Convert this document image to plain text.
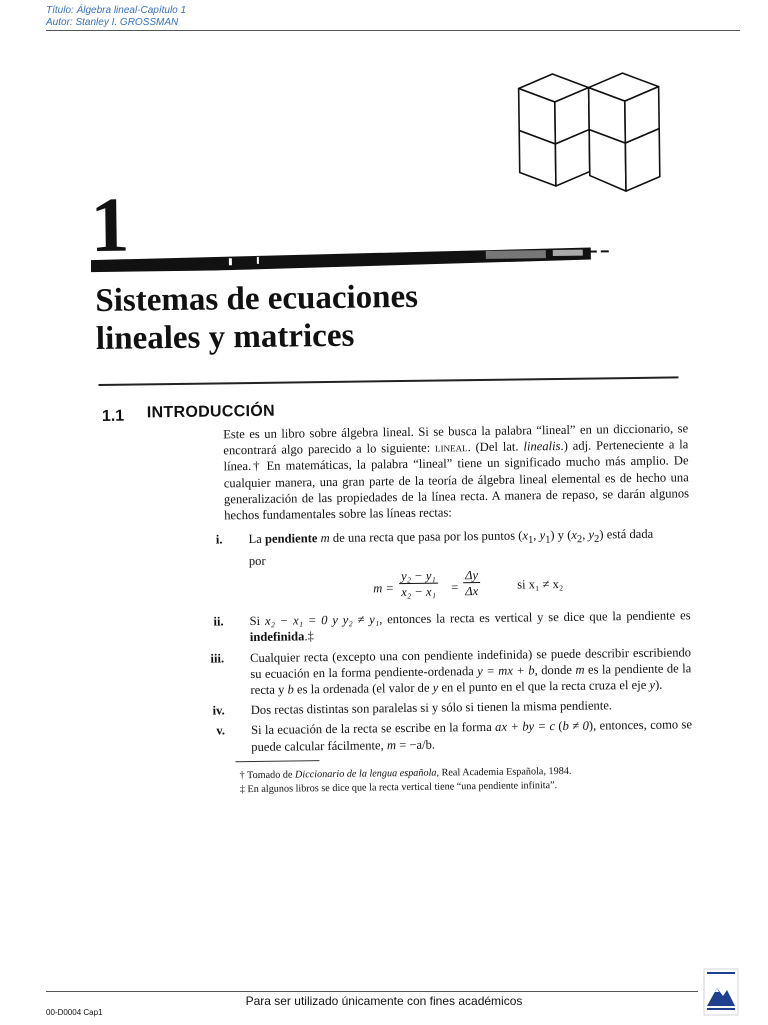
Título: Álgebra lineal-Capítulo 1
Autor: Stanley I. GROSSMAN
1
Sistemas de ecuaciones
lineales y matrices
1.1 INTRODUCCIÓN

Este es un libro sobre álgebra lineal. Si se busca la palabra “lineal” en un diccionario, se encontrará algo parecido a lo siguiente: lineal. (Del lat. linealis.) adj. Perteneciente a la línea.† En matemáticas, la palabra “lineal” tiene un significado mucho más amplio. De cualquier manera, una gran parte de la teoría de álgebra lineal elemental es de hecho una generalización de las propiedades de la línea recta. A manera de repaso, se darán algunos hechos fundamentales sobre las líneas rectas:

i.	La pendiente m de una recta que pasa por los puntos ($x_1$, $y_1$) y ($x_2$, $y_2$) está dada
por
$m = \frac{\text{y₂ − y₁}}{\text{x₂ − x₁}} = \frac{\Delta y}{\Delta x}$	si x₁ ≠ x₂
ii.	Si x₂ − x₁ = 0 y y₂ ≠ y₁, entonces la recta es vertical y se dice que la pendiente es indefinida.‡
iii.	Cualquier recta (excepto una con pendiente indefinida) se puede describir escribiendo su ecuación en la forma pendiente-ordenada y = mx + b, donde m es la pendiente de la recta y b es la ordenada (el valor de y en el punto en el que la recta cruza el eje y).
iv.	Dos rectas distintas son paralelas si y sólo si tienen la misma pendiente.
v.	Si la ecuación de la recta se escribe en la forma ax + by = c (b ≠ 0), entonces, como se puede calcular fácilmente, m = −a/b.
† Tomado de Diccionario de la lengua española, Real Academia Española, 1984.
‡ En algunos libros se dice que la recta vertical tiene “una pendiente infinita”.
Para ser utilizado únicamente con fines académicos
00-D0004 Cap1
